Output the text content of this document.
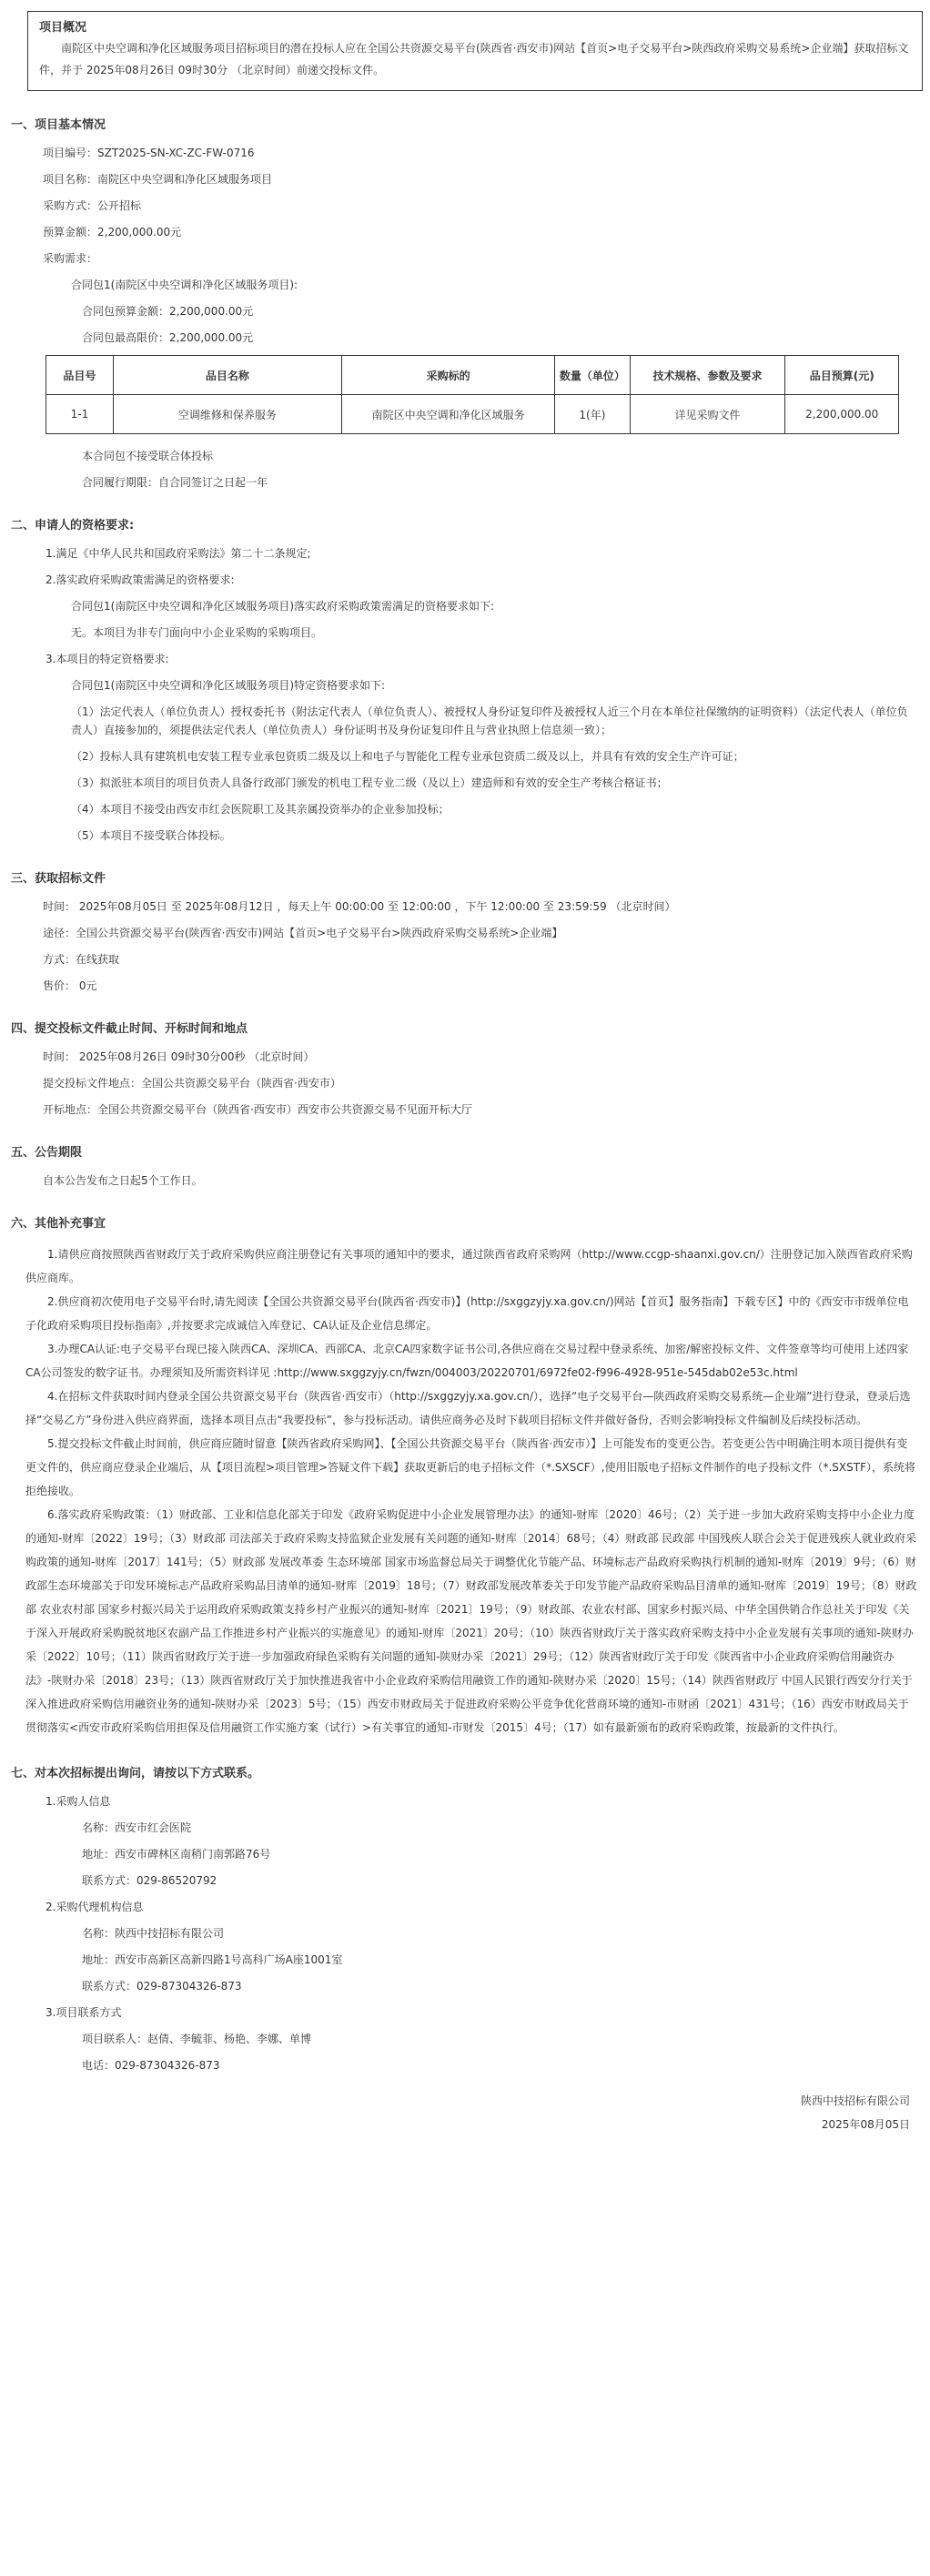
项目概况
南院区中央空调和净化区域服务项目招标项目的潜在投标人应在全国公共资源交易平台(陕西省·西安市)网站【首页>电子交易平台>陕西政府采购交易系统>企业端】获取招标文件，并于 2025年08月26日 09时30分 （北京时间）前递交投标文件。
一、项目基本情况
项目编号：SZT2025-SN-XC-ZC-FW-0716
项目名称：南院区中央空调和净化区域服务项目
采购方式：公开招标
预算金额：2,200,000.00元
采购需求：
合同包1(南院区中央空调和净化区域服务项目):
合同包预算金额：2,200,000.00元
合同包最高限价：2,200,000.00元
品目号	品目名称	采购标的	数量（单位）	技术规格、参数及要求	品目预算(元)
1-1	空调维修和保养服务	南院区中央空调和净化区域服务	1(年)	详见采购文件	2,200,000.00
本合同包不接受联合体投标
合同履行期限：自合同签订之日起一年
二、申请人的资格要求:
1.满足《中华人民共和国政府采购法》第二十二条规定;
2.落实政府采购政策需满足的资格要求:
合同包1(南院区中央空调和净化区域服务项目)落实政府采购政策需满足的资格要求如下:
无。本项目为非专门面向中小企业采购的采购项目。
3.本项目的特定资格要求:
合同包1(南院区中央空调和净化区域服务项目)特定资格要求如下:
（1）法定代表人（单位负责人）授权委托书（附法定代表人（单位负责人）、被授权人身份证复印件及被授权人近三个月在本单位社保缴纳的证明资料）（法定代表人（单位负责人）直接参加的，须提供法定代表人（单位负责人）身份证明书及身份证复印件且与营业执照上信息须一致）；
（2）投标人具有建筑机电安装工程专业承包资质二级及以上和电子与智能化工程专业承包资质二级及以上，并具有有效的安全生产许可证；
（3）拟派驻本项目的项目负责人具备行政部门颁发的机电工程专业二级（及以上）建造师和有效的安全生产考核合格证书；
（4）本项目不接受由西安市红会医院职工及其亲属投资举办的企业参加投标；
（5）本项目不接受联合体投标。
三、获取招标文件
时间： 2025年08月05日 至 2025年08月12日 ，每天上午 00:00:00 至 12:00:00 ，下午 12:00:00 至 23:59:59 （北京时间）
途径：全国公共资源交易平台(陕西省·西安市)网站【首页>电子交易平台>陕西政府采购交易系统>企业端】
方式：在线获取
售价： 0元
四、提交投标文件截止时间、开标时间和地点
时间： 2025年08月26日 09时30分00秒 （北京时间）
提交投标文件地点：全国公共资源交易平台（陕西省·西安市）
开标地点：全国公共资源交易平台（陕西省·西安市）西安市公共资源交易不见面开标大厅
五、公告期限
自本公告发布之日起5个工作日。
六、其他补充事宜
1.请供应商按照陕西省财政厅关于政府采购供应商注册登记有关事项的通知中的要求，通过陕西省政府采购网（http://www.ccgp-shaanxi.gov.cn/）注册登记加入陕西省政府采购供应商库。
2.供应商初次使用电子交易平台时,请先阅读【全国公共资源交易平台(陕西省·西安市)】(http://sxggzyjy.xa.gov.cn/)网站【首页】服务指南】下载专区】中的《西安市市级单位电子化政府采购项目投标指南》,并按要求完成诚信入库登记、CA认证及企业信息绑定。
3.办理CA认证:电子交易平台现已接入陕西CA、深圳CA、西部CA、北京CA四家数字证书公司,各供应商在交易过程中登录系统、加密/解密投标文件、文件签章等均可使用上述四家 CA公司签发的数字证书。办理须知及所需资料详见 :http://www.sxggzyjy.cn/fwzn/004003/20220701/6972fe02-f996-4928-951e-545dab02e53c.html
4.在招标文件获取时间内登录全国公共资源交易平台（陕西省·西安市）（http://sxggzyjy.xa.gov.cn/），选择“电子交易平台—陕西政府采购交易系统—企业端”进行登录，登录后选择“交易乙方”身份进入供应商界面，选择本项目点击“我要投标”，参与投标活动。请供应商务必及时下载项目招标文件并做好备份，否则会影响投标文件编制及后续投标活动。
5.提交投标文件截止时间前，供应商应随时留意【陕西省政府采购网】、【全国公共资源交易平台（陕西省·西安市）】上可能发布的变更公告。若变更公告中明确注明本项目提供有变更文件的，供应商应登录企业端后，从【项目流程>项目管理>答疑文件下载】获取更新后的电子招标文件（*.SXSCF）,使用旧版电子招标文件制作的电子投标文件（*.SXSTF），系统将拒绝接收。
6.落实政府采购政策：（1）财政部、工业和信息化部关于印发《政府采购促进中小企业发展管理办法》的通知-财库〔2020〕46号；（2）关于进一步加大政府采购支持中小企业力度的通知-财库〔2022〕19号；（3）财政部 司法部关于政府采购支持监狱企业发展有关问题的通知-财库〔2014〕68号；（4）财政部 民政部 中国残疾人联合会关于促进残疾人就业政府采购政策的通知-财库〔2017〕141号；（5）财政部 发展改革委 生态环境部 国家市场监督总局关于调整优化节能产品、环境标志产品政府采购执行机制的通知-财库〔2019〕9号；（6）财政部生态环境部关于印发环境标志产品政府采购品目清单的通知-财库〔2019〕18号；（7）财政部发展改革委关于印发节能产品政府采购品目清单的通知-财库〔2019〕19号；（8）财政部 农业农村部 国家乡村振兴局关于运用政府采购政策支持乡村产业振兴的通知-财库〔2021〕19号；（9）财政部、农业农村部、国家乡村振兴局、中华全国供销合作总社关于印发《关于深入开展政府采购脱贫地区农副产品工作推进乡村产业振兴的实施意见》的通知-财库〔2021〕20号；（10）陕西省财政厅关于落实政府采购支持中小企业发展有关事项的通知-陕财办采〔2022〕10号；（11）陕西省财政厅关于进一步加强政府绿色采购有关问题的通知-陕财办采〔2021〕29号；（12）陕西省财政厅关于印发《陕西省中小企业政府采购信用融资办法》-陕财办采〔2018〕23号；（13）陕西省财政厅关于加快推进我省中小企业政府采购信用融资工作的通知-陕财办采〔2020〕15号；（14）陕西省财政厅 中国人民银行西安分行关于深入推进政府采购信用融资业务的通知-陕财办采〔2023〕5号；（15）西安市财政局关于促进政府采购公平竞争优化营商环境的通知-市财函〔2021〕431号；（16）西安市财政局关于贯彻落实<西安市政府采购信用担保及信用融资工作实施方案（试行）>有关事宜的通知-市财发〔2015〕4号；（17）如有最新颁布的政府采购政策，按最新的文件执行。
七、对本次招标提出询问，请按以下方式联系。
1.采购人信息
名称：西安市红会医院
地址：西安市碑林区南稍门南郭路76号
联系方式：029-86520792
2.采购代理机构信息
名称：陕西中技招标有限公司
地址：西安市高新区高新四路1号高科广场A座1001室
联系方式：029-87304326-873
3.项目联系方式
项目联系人：赵倩、李毓菲、杨艳、李娜、单博
电话：029-87304326-873
陕西中技招标有限公司
2025年08月05日
